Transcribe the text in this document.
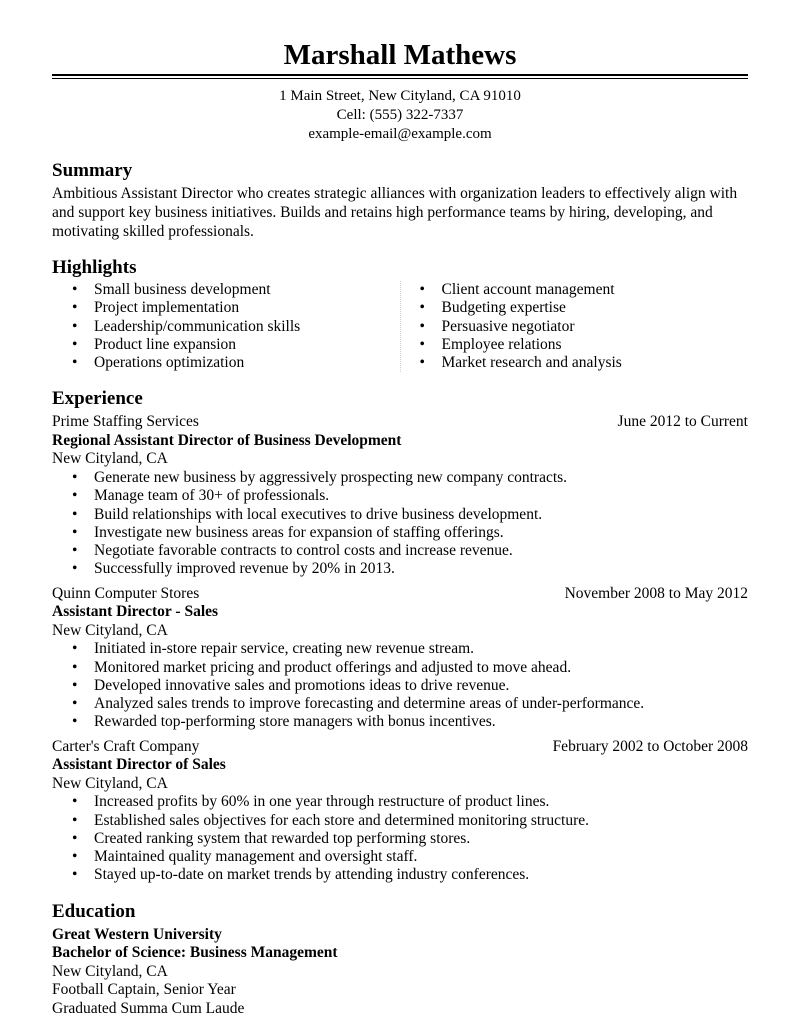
Marshall Mathews
1 Main Street, New Cityland, CA 91010
Cell: (555) 322-7337
example-email@example.com
Summary
Ambitious Assistant Director who creates strategic alliances with organization leaders to effectively align with and support key business initiatives. Builds and retains high performance teams by hiring, developing, and motivating skilled professionals.
Highlights
• Small business development
• Project implementation
• Leadership/communication skills
• Product line expansion
• Operations optimization
• Client account management
• Budgeting expertise
• Persuasive negotiator
• Employee relations
• Market research and analysis
Experience
Prime Staffing Services	June 2012 to Current
Regional Assistant Director of Business Development
New Cityland, CA
• Generate new business by aggressively prospecting new company contracts.
• Manage team of 30+ of professionals.
• Build relationships with local executives to drive business development.
• Investigate new business areas for expansion of staffing offerings.
• Negotiate favorable contracts to control costs and increase revenue.
• Successfully improved revenue by 20% in 2013.
Quinn Computer Stores	November 2008 to May 2012
Assistant Director - Sales
New Cityland, CA
• Initiated in-store repair service, creating new revenue stream.
• Monitored market pricing and product offerings and adjusted to move ahead.
• Developed innovative sales and promotions ideas to drive revenue.
• Analyzed sales trends to improve forecasting and determine areas of under-performance.
• Rewarded top-performing store managers with bonus incentives.
Carter's Craft Company	February 2002 to October 2008
Assistant Director of Sales
New Cityland, CA
• Increased profits by 60% in one year through restructure of product lines.
• Established sales objectives for each store and determined monitoring structure.
• Created ranking system that rewarded top performing stores.
• Maintained quality management and oversight staff.
• Stayed up-to-date on market trends by attending industry conferences.
Education
Great Western University
Bachelor of Science: Business Management
New Cityland, CA
Football Captain, Senior Year
Graduated Summa Cum Laude
